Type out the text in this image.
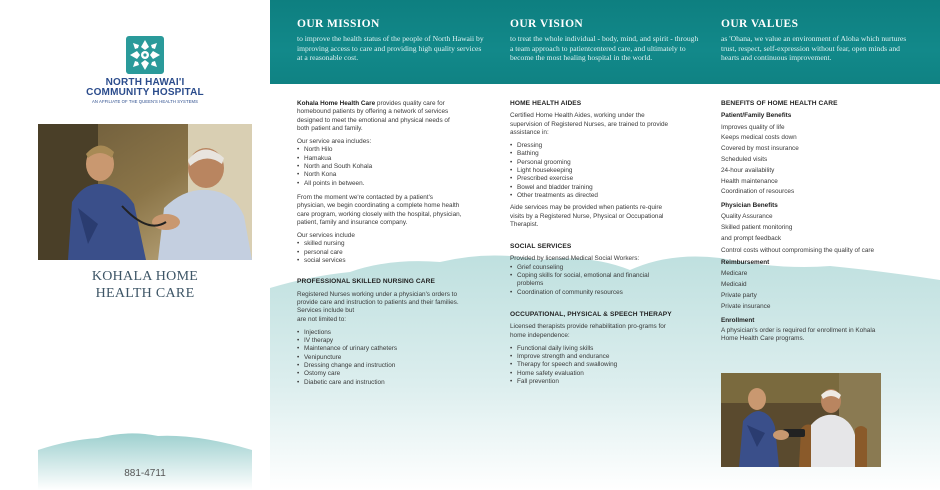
NORTH HAWAI'I
COMMUNITY HOSPITAL
AN AFFILIATE OF THE QUEEN'S HEALTH SYSTEMS
KOHALA HOME
HEALTH CARE
881-4711
OUR MISSION

to improve the health status of the people of North Hawaii by improving access to care and providing high quality services at a reasonable cost.

OUR VISION

to treat the whole individual - body, mind, and spirit - through a team approach to patientcentered care, and ultimately to become the most healing hospital in the world.

OUR VALUES

as 'Ohana, we value an environment of Aloha which nurtures trust, respect, self-expression without fear, open minds and hearts and continuous improvement.

Kohala Home Health Care provides quality care for homebound patients by offering a network of services designed to meet the emotional and physical needs of both patient and family.

Our service area includes:
• North Hilo
• Hamakua
• North and South Kohala
• North Kona
• All points in between.

From the moment we're contacted by a patient's physician, we begin coordinating a complete home health care program, working closely with the hospital, physician, patient, family and insurance company.

Our services include
• skilled nursing
• personal care
• social services
PROFESSIONAL SKILLED NURSING CARE
Registered Nurses working under a physician's orders to provide care and instruction to patients and their families. Services include but
are not limited to:
• Injections
• IV therapy
• Maintenance of urinary catheters
• Venipuncture
• Dressing change and instruction
• Ostomy care
• Diabetic care and instruction
HOME HEALTH AIDES

Certified Home Health Aides, working under the supervision of Registered Nurses, are trained to provide assistance in:

• Dressing
• Bathing
• Personal grooming
• Light housekeeping
• Prescribed exercise
• Bowel and bladder training
• Other treatments as directed

Aide services may be provided when patients re-quire visits by a Registered Nurse, Physical or Occupational Therapist.

SOCIAL SERVICES
Provided by licensed Medical Social Workers:
• Grief counseling
• Coping skills for social, emotional and financial problems
• Coordination of community resources
OCCUPATIONAL, PHYSICAL & SPEECH THERAPY

Licensed therapists provide rehabilitation pro-grams for home independence:

• Functional daily living skills
• Improve strength and endurance
• Therapy for speech and swallowing
• Home safety evaluation
• Fall prevention
BENEFITS OF HOME HEALTH CARE
Patient/Family Benefits
Improves quality of life
Keeps medical costs down
Covered by most insurance
Scheduled visits
24-hour availability
Health maintenance
Coordination of resources
Physician Benefits
Quality Assurance
Skilled patient monitoring
and prompt feedback
Control costs without compromising the quality of care
Reimbursement
Medicare
Medicaid
Private party
Private insurance
Enrollment

A physician's order is required for enrollment in Kohala Home Health Care programs.
